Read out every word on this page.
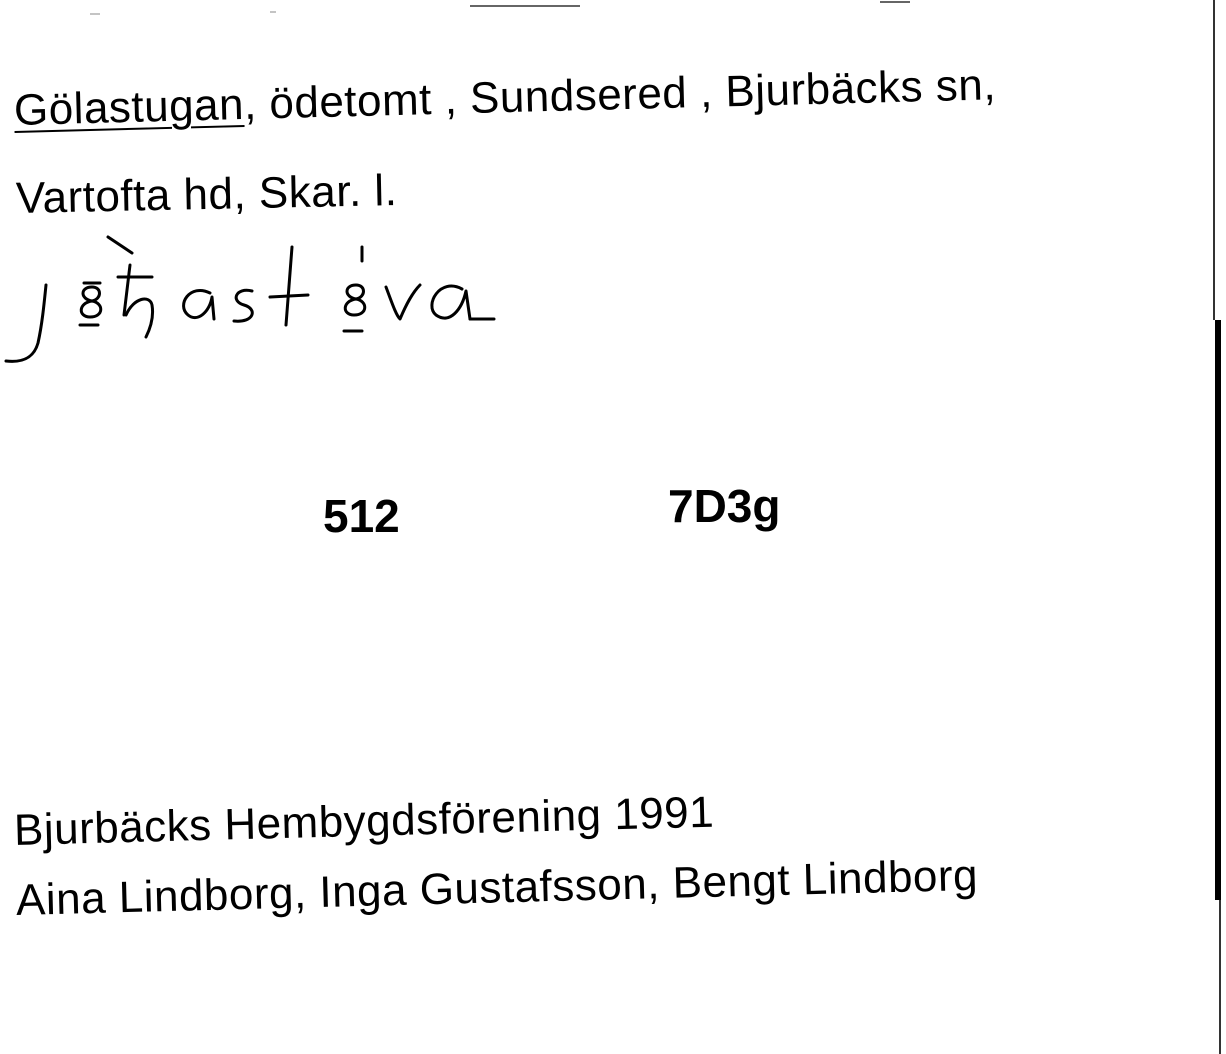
Gölastugan, ödetomt , Sundsered , Bjurbäcks sn,
Vartofta hd, Skar. l.
512	7D3g
Bjurbäcks Hembygdsförening 1991
Aina Lindborg, Inga Gustafsson, Bengt Lindborg
